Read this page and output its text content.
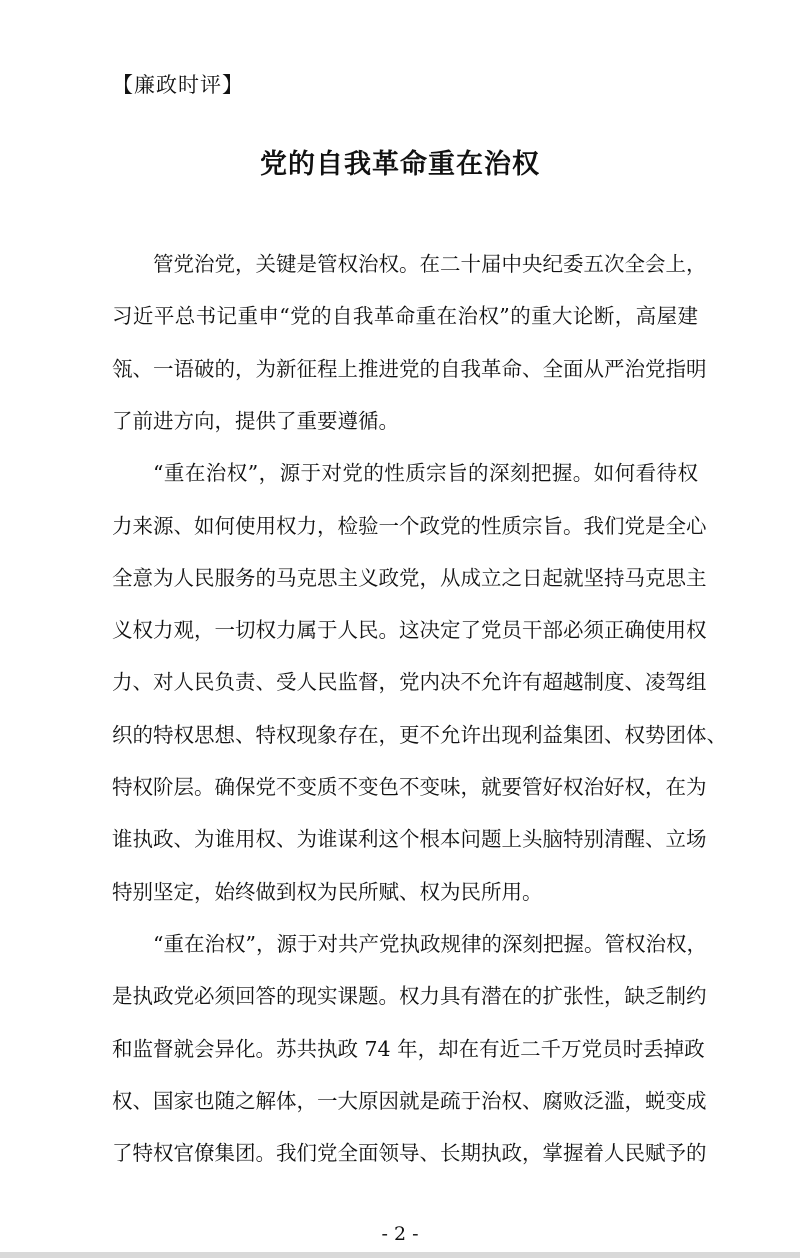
【廉政时评】
党的自我革命重在治权
管党治党，关键是管权治权。在二十届中央纪委五次全会上，
习近平总书记重申“党的自我革命重在治权”的重大论断，高屋建
瓴、一语破的，为新征程上推进党的自我革命、全面从严治党指明
了前进方向，提供了重要遵循。
“重在治权”，源于对党的性质宗旨的深刻把握。如何看待权
力来源、如何使用权力，检验一个政党的性质宗旨。我们党是全心
全意为人民服务的马克思主义政党，从成立之日起就坚持马克思主
义权力观，一切权力属于人民。这决定了党员干部必须正确使用权
力、对人民负责、受人民监督，党内决不允许有超越制度、凌驾组
织的特权思想、特权现象存在，更不允许出现利益集团、权势团体、
特权阶层。确保党不变质不变色不变味，就要管好权治好权，在为
谁执政、为谁用权、为谁谋利这个根本问题上头脑特别清醒、立场
特别坚定，始终做到权为民所赋、权为民所用。
“重在治权”，源于对共产党执政规律的深刻把握。管权治权，
是执政党必须回答的现实课题。权力具有潜在的扩张性，缺乏制约
和监督就会异化。苏共执政 74 年，却在有近二千万党员时丢掉政
权、国家也随之解体，一大原因就是疏于治权、腐败泛滥，蜕变成
了特权官僚集团。我们党全面领导、长期执政，掌握着人民赋予的
- 2 -
